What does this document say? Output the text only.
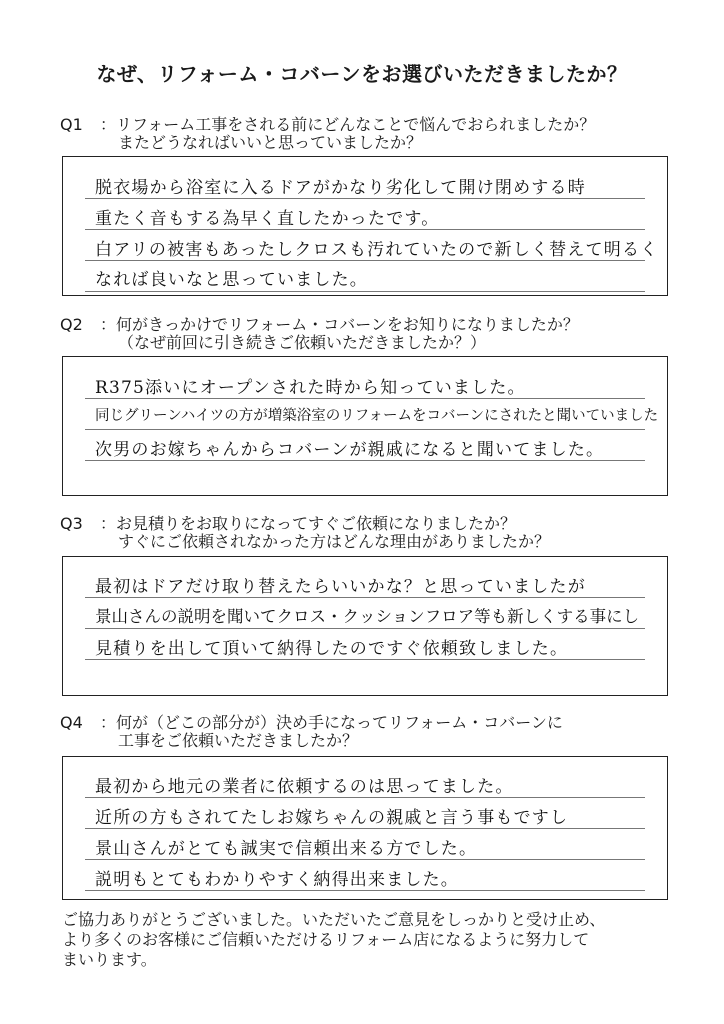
なぜ、リフォーム・コバーンをお選びいただきましたか？
Q1 ：リフォーム工事をされる前にどんなことで悩んでおられましたか？
またどうなればいいと思っていましたか？
脱衣場から浴室に入るドアがかなり劣化して開け閉めする時
重たく音もする為早く直したかったです。
白アリの被害もあったしクロスも汚れていたので新しく替えて明るく
なれば良いなと思っていました。
Q2 ：何がきっかけでリフォーム・コバーンをお知りになりましたか？
（なぜ前回に引き続きご依頼いただきましたか？）
R375添いにオープンされた時から知っていました。
同じグリーンハイツの方が増築浴室のリフォームをコバーンにされたと聞いていました
次男のお嫁ちゃんからコバーンが親戚になると聞いてました。
Q3 ：お見積りをお取りになってすぐご依頼になりましたか？
すぐにご依頼されなかった方はどんな理由がありましたか？
最初はドアだけ取り替えたらいいかな？と思っていましたが
景山さんの説明を聞いてクロス・クッションフロア等も新しくする事にし
見積りを出して頂いて納得したのですぐ依頼致しました。
Q4 ：何が（どこの部分が）決め手になってリフォーム・コバーンに
工事をご依頼いただきましたか？
最初から地元の業者に依頼するのは思ってました。
近所の方もされてたしお嫁ちゃんの親戚と言う事もですし
景山さんがとても誠実で信頼出来る方でした。
説明もとてもわかりやすく納得出来ました。
ご協力ありがとうございました。いただいたご意見をしっかりと受け止め、
より多くのお客様にご信頼いただけるリフォーム店になるように努力して
まいります。
